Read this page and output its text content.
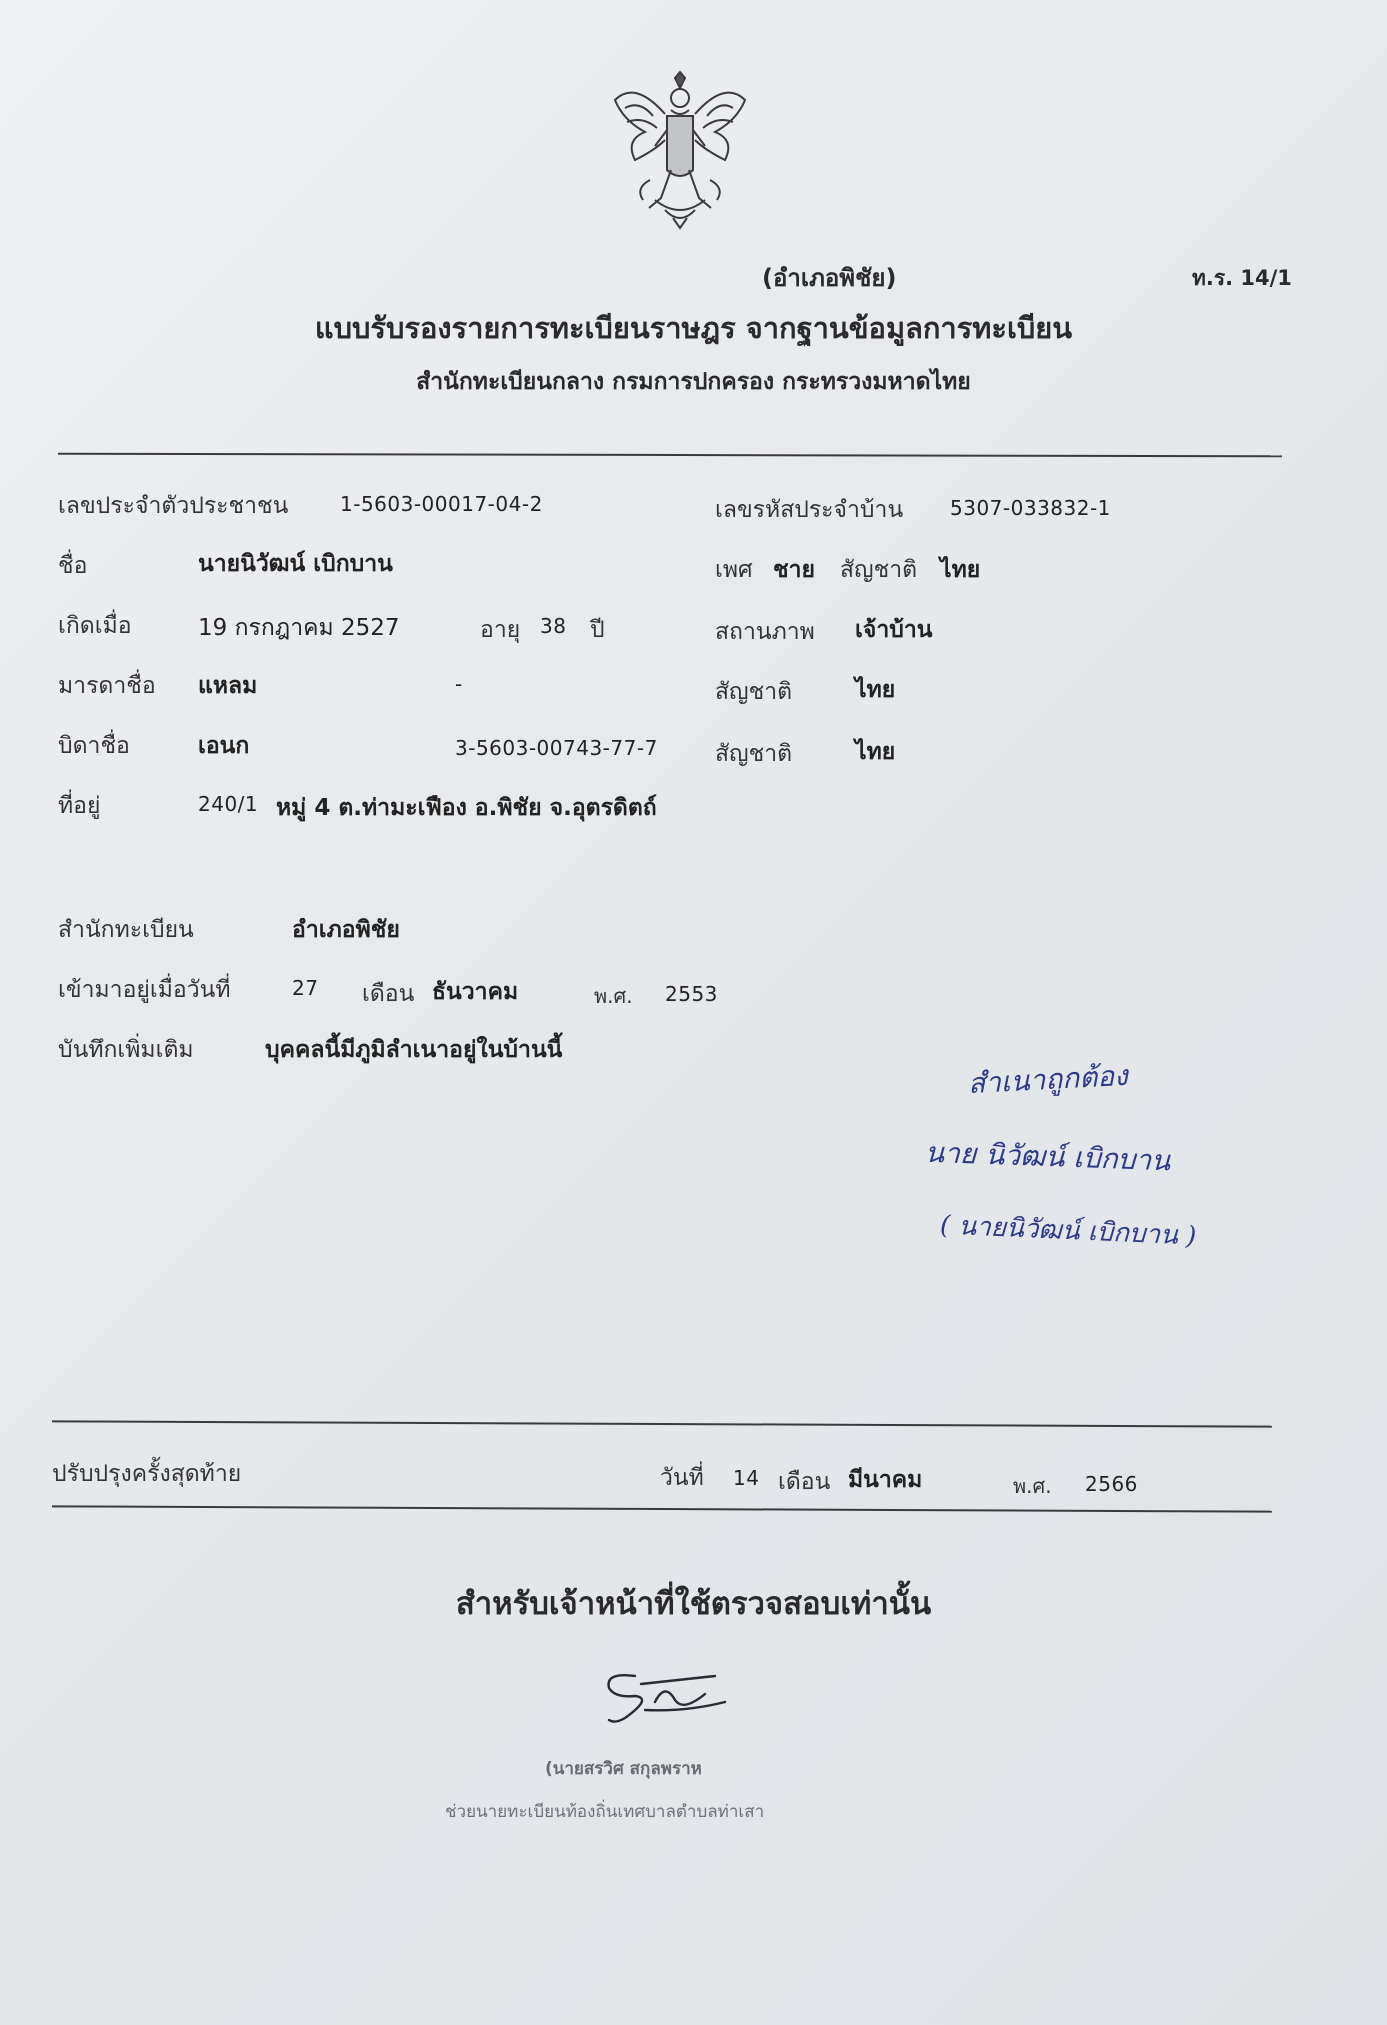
(อำเภอพิชัย)	ท.ร. 14/1
แบบรับรองรายการทะเบียนราษฎร จากฐานข้อมูลการทะเบียน
สำนักทะเบียนกลาง กรมการปกครอง กระทรวงมหาดไทย
เลขประจำตัวประชาชน	1-5603-00017-04-2	เลขรหัสประจำบ้าน 5307-033832-1
ชื่อ	นายนิวัฒน์ เบิกบาน	เพศ ชาย สัญชาติ ไทย
เกิดเมื่อ	19 กรกฎาคม 2527	อายุ 38 ปี	สถานภาพ เจ้าบ้าน
มารดาชื่อ แหลม	-	สัญชาติ	ไทย
บิดาชื่อ	เอนก	3-5603-00743-77-7 สัญชาติ	ไทย
ที่อยู่	240/1 หมู่ 4 ต.ท่ามะเฟือง อ.พิชัย จ.อุตรดิตถ์
สำนักทะเบียน	อำเภอพิชัย
เข้ามาอยู่เมื่อวันที่	27 เดือน ธันวาคม	พ.ศ. 2553
บันทึกเพิ่มเติม	บุคคลนี้มีภูมิลำเนาอยู่ในบ้านนี้
สำเนาถูกต้อง
นาย นิวัฒน์ เบิกบาน
( นายนิวัฒน์ เบิกบาน )
ปรับปรุงครั้งสุดท้าย	วันที่ 14 เดือน มีนาคม	พ.ศ. 2566
สำหรับเจ้าหน้าที่ใช้ตรวจสอบเท่านั้น
(นายสรวิศ สกุลพราห
ช่วยนายทะเบียนท้องถิ่นเทศบาลตำบลท่าเสา
